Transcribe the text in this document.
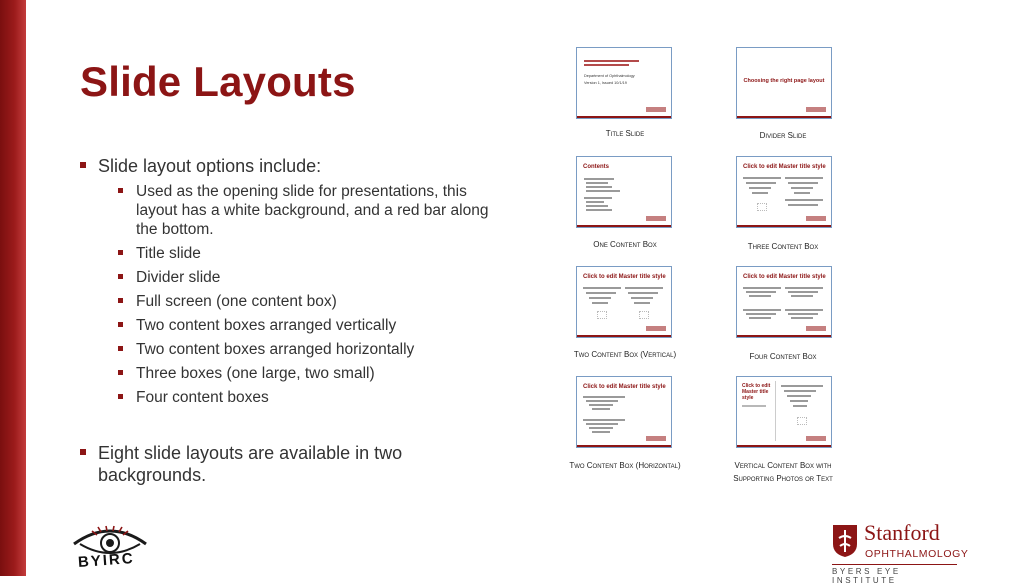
Slide Layouts
Slide layout options include:
Used as the opening slide for presentations, this layout has a white background, and a red bar along the bottom.
Title slide
Divider slide
Full screen (one content box)
Two content boxes arranged vertically
Two content boxes arranged horizontally
Three boxes (one large, two small)
Four content boxes
Eight slide layouts are available in two backgrounds.
Department of Ophthalmology
Version 1, Issued 10/1/19
Title Slide
Choosing the right page layout
Divider Slide
Contents
One Content Box
Click to edit Master title style
Three Content Box
Click to edit Master title style
Two Content Box (Vertical)
Click to edit Master title style
Four Content Box
Click to edit Master title style
Two Content Box (Horizontal)
Click to edit Master title style
Vertical Content Box with Supporting Photos or Text
BYIRC
Stanford
OPHTHALMOLOGY
BYERS EYE INSTITUTE
